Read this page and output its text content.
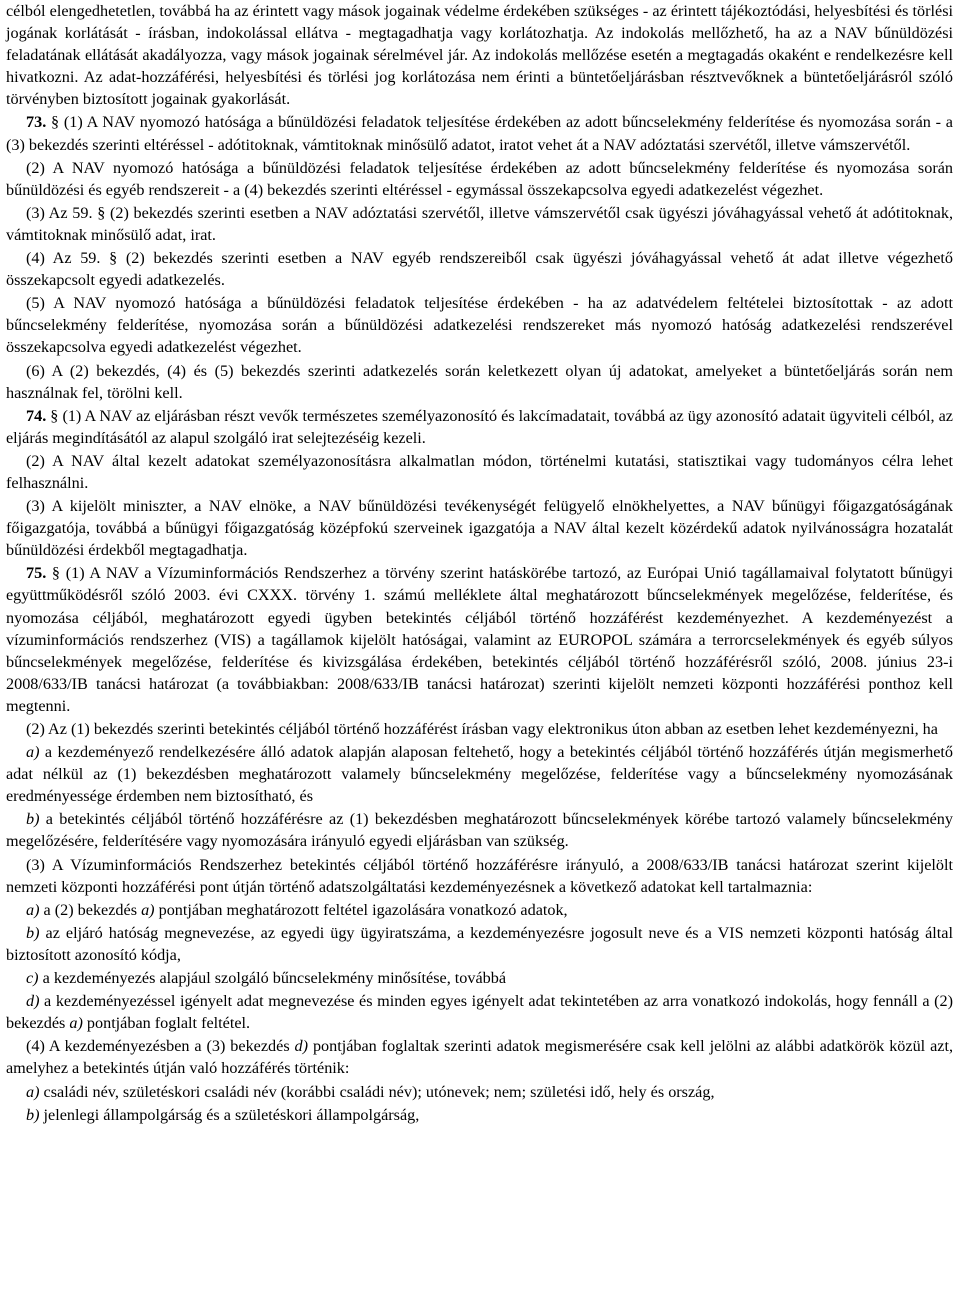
célból elengedhetetlen, továbbá ha az érintett vagy mások jogainak védelme érdekében szükséges - az érintett tájékoztódási, helyesbítési és törlési jogának korlátását - írásban, indokolással ellátva - megtagadhatja vagy korlátozhatja. Az indokolás mellőzhető, ha az a NAV bűnüldözési feladatának ellátását akadályozza, vagy mások jogainak sérelmével jár. Az indokolás mellőzése esetén a megtagadás okaként e rendelkezésre kell hivatkozni. Az adat-hozzáférési, helyesbítési és törlési jog korlátozása nem érinti a büntetőeljárásban résztvevőknek a büntetőeljárásról szóló törvényben biztosított jogainak gyakorlását.

73. § (1) A NAV nyomozó hatósága a bűnüldözési feladatok teljesítése érdekében az adott bűncselekmény felderítése és nyomozása során - a (3) bekezdés szerinti eltéréssel - adótitoknak, vámtitoknak minősülő adatot, iratot vehet át a NAV adóztatási szervétől, illetve vámszervétől.

(2) A NAV nyomozó hatósága a bűnüldözési feladatok teljesítése érdekében az adott bűncselekmény felderítése és nyomozása során bűnüldözési és egyéb rendszereit - a (4) bekezdés szerinti eltéréssel - egymással összekapcsolva egyedi adatkezelést végezhet.

(3) Az 59. § (2) bekezdés szerinti esetben a NAV adóztatási szervétől, illetve vámszervétől csak ügyészi jóváhagyással vehető át adótitoknak, vámtitoknak minősülő adat, irat.

(4) Az 59. § (2) bekezdés szerinti esetben a NAV egyéb rendszereiből csak ügyészi jóváhagyással vehető át adat illetve végezhető összekapcsolt egyedi adatkezelés.

(5) A NAV nyomozó hatósága a bűnüldözési feladatok teljesítése érdekében - ha az adatvédelem feltételei biztosítottak - az adott bűncselekmény felderítése, nyomozása során a bűnüldözési adatkezelési rendszereket más nyomozó hatóság adatkezelési rendszerével összekapcsolva egyedi adatkezelést végezhet.

(6) A (2) bekezdés, (4) és (5) bekezdés szerinti adatkezelés során keletkezett olyan új adatokat, amelyeket a büntetőeljárás során nem használnak fel, törölni kell.

74. § (1) A NAV az eljárásban részt vevők természetes személyazonosító és lakcímadatait, továbbá az ügy azonosító adatait ügyviteli célból, az eljárás megindításától az alapul szolgáló irat selejtezéséig kezeli.

(2) A NAV által kezelt adatokat személyazonosításra alkalmatlan módon, történelmi kutatási, statisztikai vagy tudományos célra lehet felhasználni.

(3) A kijelölt miniszter, a NAV elnöke, a NAV bűnüldözési tevékenységét felügyelő elnökhelyettes, a NAV bűnügyi főigazgatóságának főigazgatója, továbbá a bűnügyi főigazgatóság középfokú szerveinek igazgatója a NAV által kezelt közérdekű adatok nyilvánosságra hozatalát bűnüldözési érdekből megtagadhatja.

75. § (1) A NAV a Vízuminformációs Rendszerhez a törvény szerint hatáskörébe tartozó, az Európai Unió tagállamaival folytatott bűnügyi együttműködésről szóló 2003. évi CXXX. törvény 1. számú melléklete által meghatározott bűncselekmények megelőzése, felderítése, és nyomozása céljából, meghatározott egyedi ügyben betekintés céljából történő hozzáférést kezdeményezhet. A kezdeményezést a vízuminformációs rendszerhez (VIS) a tagállamok kijelölt hatóságai, valamint az EUROPOL számára a terrorcselekmények és egyéb súlyos bűncselekmények megelőzése, felderítése és kivizsgálása érdekében, betekintés céljából történő hozzáférésről szóló, 2008. június 23-i 2008/633/IB tanácsi határozat (a továbbiakban: 2008/633/IB tanácsi határozat) szerinti kijelölt nemzeti központi hozzáférési ponthoz kell megtenni.

(2) Az (1) bekezdés szerinti betekintés céljából történő hozzáférést írásban vagy elektronikus úton abban az esetben lehet kezdeményezni, ha

a) a kezdeményező rendelkezésére álló adatok alapján alaposan feltehető, hogy a betekintés céljából történő hozzáférés útján megismerhető adat nélkül az (1) bekezdésben meghatározott valamely bűncselekmény megelőzése, felderítése vagy a bűncselekmény nyomozásának eredményessége érdemben nem biztosítható, és

b) a betekintés céljából történő hozzáférésre az (1) bekezdésben meghatározott bűncselekmények körébe tartozó valamely bűncselekmény megelőzésére, felderítésére vagy nyomozására irányuló egyedi eljárásban van szükség.

(3) A Vízuminformációs Rendszerhez betekintés céljából történő hozzáférésre irányuló, a 2008/633/IB tanácsi határozat szerint kijelölt nemzeti központi hozzáférési pont útján történő adatszolgáltatási kezdeményezésnek a következő adatokat kell tartalmaznia:

a) a (2) bekezdés a) pontjában meghatározott feltétel igazolására vonatkozó adatok,

b) az eljáró hatóság megnevezése, az egyedi ügy ügyiratszáma, a kezdeményezésre jogosult neve és a VIS nemzeti központi hatóság által biztosított azonosító kódja,

c) a kezdeményezés alapjául szolgáló bűncselekmény minősítése, továbbá

d) a kezdeményezéssel igényelt adat megnevezése és minden egyes igényelt adat tekintetében az arra vonatkozó indokolás, hogy fennáll a (2) bekezdés a) pontjában foglalt feltétel.

(4) A kezdeményezésben a (3) bekezdés d) pontjában foglaltak szerinti adatok megismerésére csak kell jelölni az alábbi adatkörök közül azt, amelyhez a betekintés útján való hozzáférés történik:

a) családi név, születéskori családi név (korábbi családi név); utónevek; nem; születési idő, hely és ország,

b) jelenlegi állampolgárság és a születéskori állampolgárság,
